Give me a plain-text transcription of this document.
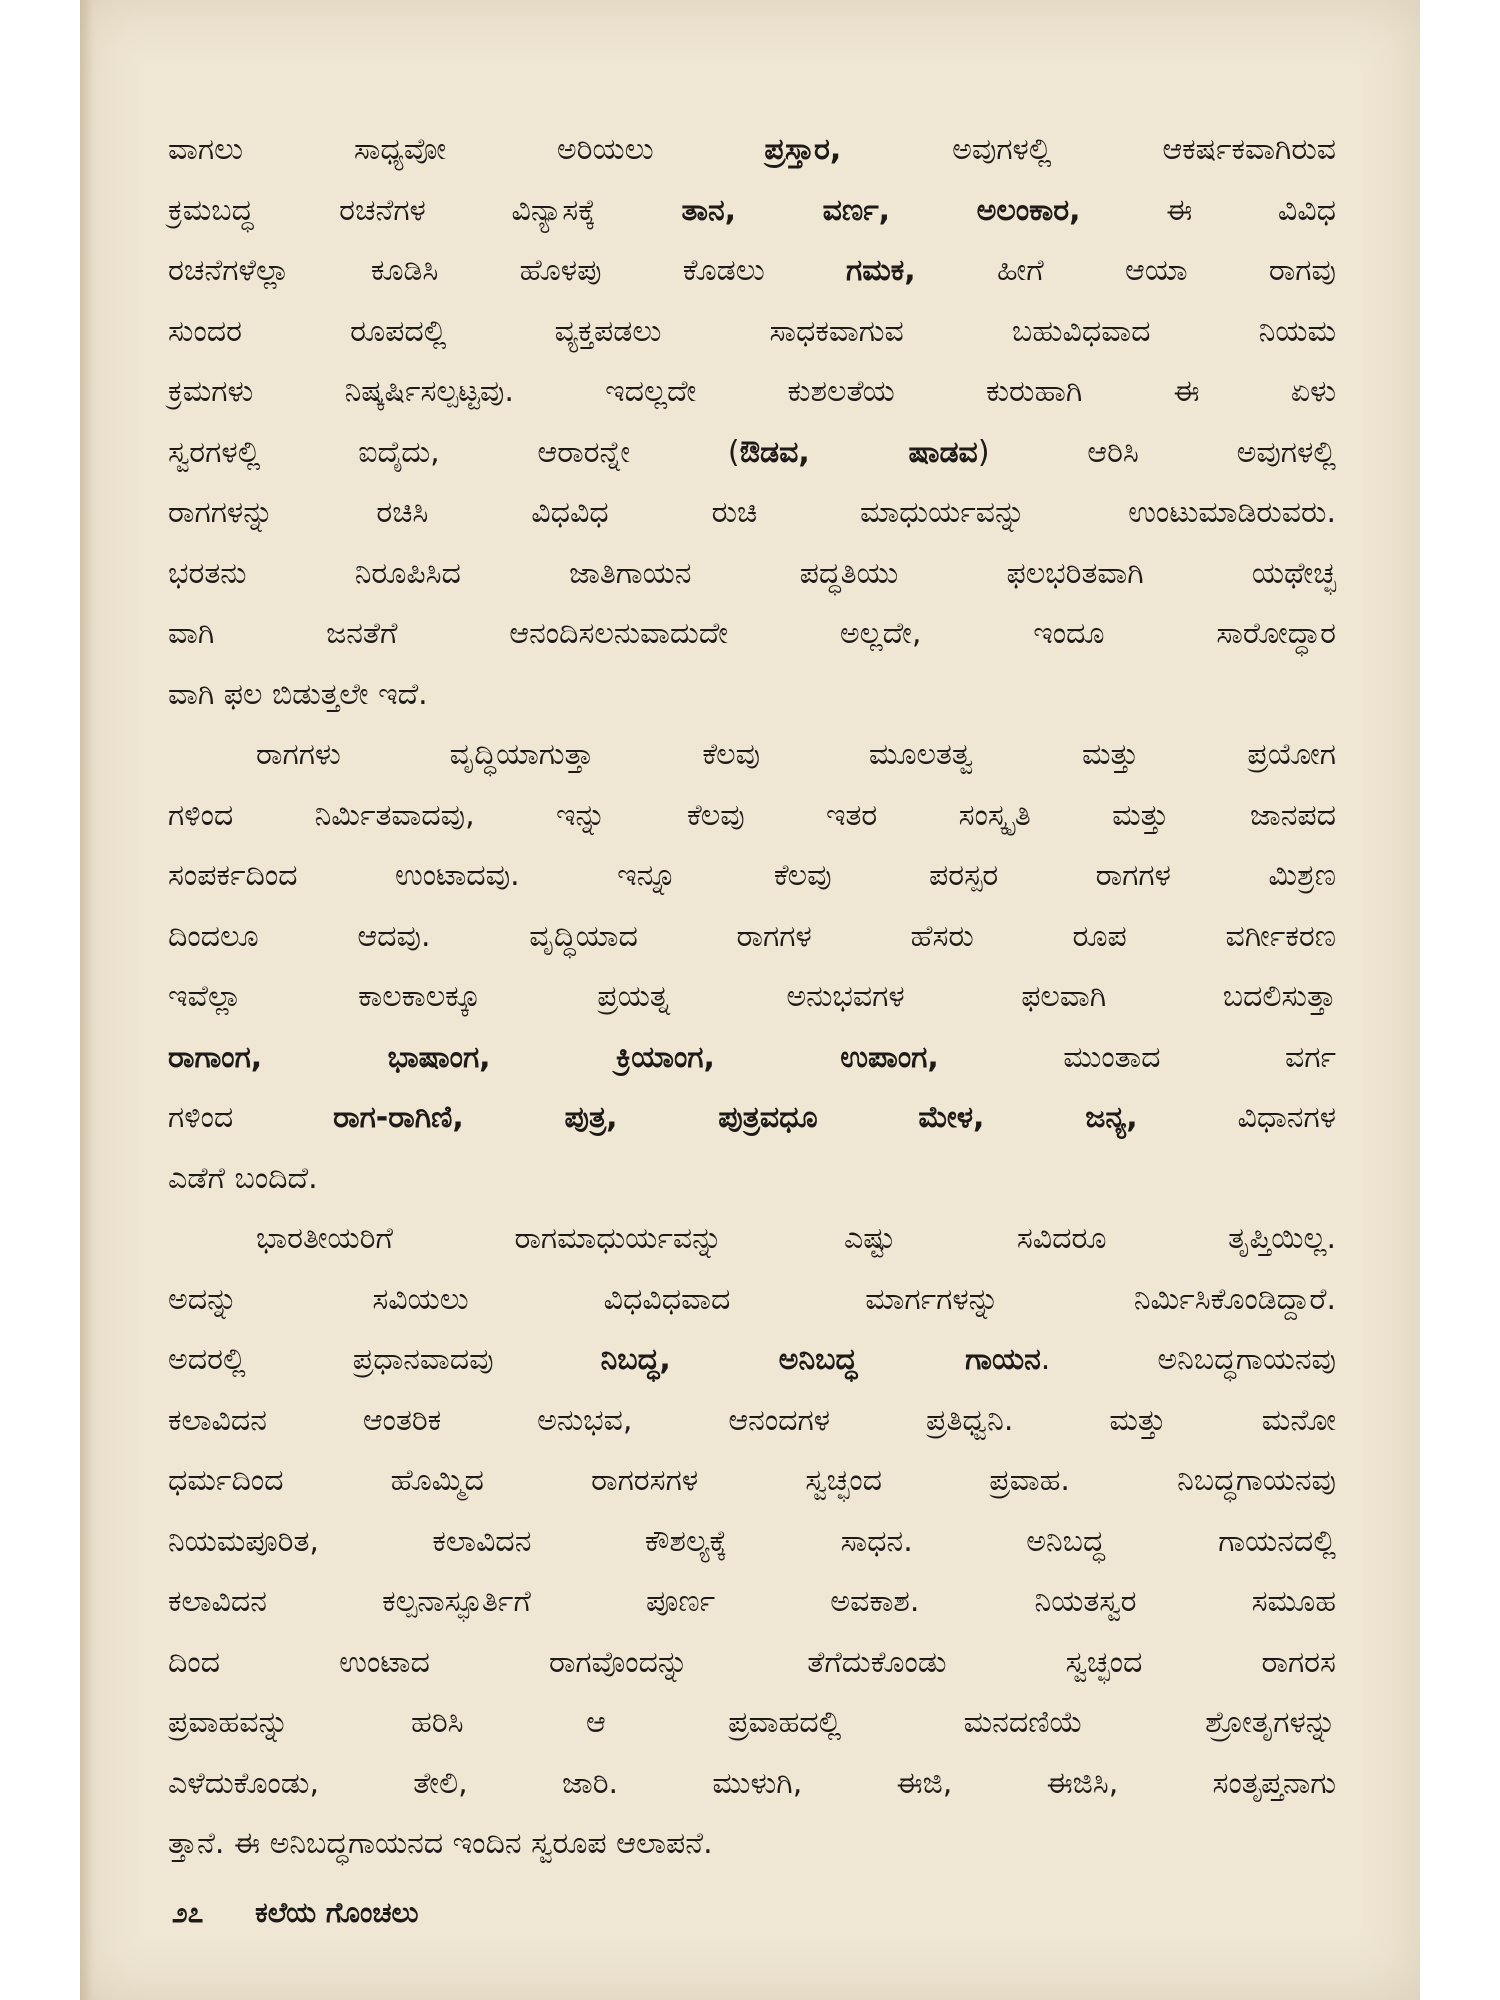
ವಾಗಲು ಸಾಧ್ಯವೋ ಅರಿಯಲು ಪ್ರಸ್ತಾರ, ಅವುಗಳಲ್ಲಿ ಆಕರ್ಷಕವಾಗಿರುವ
ಕ್ರಮಬದ್ಧ ರಚನೆಗಳ ವಿನ್ಯಾಸಕ್ಕೆ ತಾನ, ವರ್ಣ, ಅಲಂಕಾರ, ಈ ವಿವಿಧ
ರಚನೆಗಳೆಲ್ಲಾ ಕೂಡಿಸಿ ಹೊಳಪು ಕೊಡಲು ಗಮಕ, ಹೀಗೆ ಆಯಾ ರಾಗವು
ಸುಂದರ ರೂಪದಲ್ಲಿ ವ್ಯಕ್ತಪಡಲು ಸಾಧಕವಾಗುವ ಬಹುವಿಧವಾದ ನಿಯಮ
ಕ್ರಮಗಳು ನಿಷ್ಕರ್ಷಿಸಲ್ಪಟ್ಟವು. ಇದಲ್ಲದೇ ಕುಶಲತೆಯ ಕುರುಹಾಗಿ ಈ ಏಳು
ಸ್ವರಗಳಲ್ಲಿ ಐದೈದು, ಆರಾರನ್ನೇ (ಔಡವ, ಷಾಡವ) ಆರಿಸಿ ಅವುಗಳಲ್ಲಿ
ರಾಗಗಳನ್ನು ರಚಿಸಿ ವಿಧವಿಧ ರುಚಿ ಮಾಧುರ್ಯವನ್ನು ಉಂಟುಮಾಡಿರುವರು.
ಭರತನು ನಿರೂಪಿಸಿದ ಜಾತಿಗಾಯನ ಪದ್ಧತಿಯು ಫಲಭರಿತವಾಗಿ ಯಥೇಚ್ಛ
ವಾಗಿ ಜನತೆಗೆ ಆನಂದಿಸಲನುವಾದುದೇ ಅಲ್ಲದೇ, ಇಂದೂ ಸಾರೋದ್ಧಾರ
ವಾಗಿ ಫಲ ಬಿಡುತ್ತಲೇ ಇದೆ.

ರಾಗಗಳು ವೃದ್ಧಿಯಾಗುತ್ತಾ ಕೆಲವು ಮೂಲತತ್ವ ಮತ್ತು ಪ್ರಯೋಗ
ಗಳಿಂದ ನಿರ್ಮಿತವಾದವು, ಇನ್ನು ಕೆಲವು ಇತರ ಸಂಸ್ಕೃತಿ ಮತ್ತು ಜಾನಪದ
ಸಂಪರ್ಕದಿಂದ ಉಂಟಾದವು. ಇನ್ನೂ ಕೆಲವು ಪರಸ್ಪರ ರಾಗಗಳ ಮಿಶ್ರಣ
ದಿಂದಲೂ ಆದವು. ವೃದ್ಧಿಯಾದ ರಾಗಗಳ ಹೆಸರು ರೂಪ ವರ್ಗೀಕರಣ
ಇವೆಲ್ಲಾ ಕಾಲಕಾಲಕ್ಕೂ ಪ್ರಯತ್ನ ಅನುಭವಗಳ ಫಲವಾಗಿ ಬದಲಿಸುತ್ತಾ
ರಾಗಾಂಗ, ಭಾಷಾಂಗ, ಕ್ರಿಯಾಂಗ, ಉಪಾಂಗ, ಮುಂತಾದ ವರ್ಗ
ಗಳಿಂದ ರಾಗ-ರಾಗಿಣಿ, ಪುತ್ರ, ಪುತ್ರವಧೂ ಮೇಳ, ಜನ್ಯ, ವಿಧಾನಗಳ
ಎಡೆಗೆ ಬಂದಿದೆ.

ಭಾರತೀಯರಿಗೆ ರಾಗಮಾಧುರ್ಯವನ್ನು ಎಷ್ಟು ಸವಿದರೂ ತೃಪ್ತಿಯಿಲ್ಲ.
ಅದನ್ನು ಸವಿಯಲು ವಿಧವಿಧವಾದ ಮಾರ್ಗಗಳನ್ನು ನಿರ್ಮಿಸಿಕೊಂಡಿದ್ದಾರೆ.
ಅದರಲ್ಲಿ ಪ್ರಧಾನವಾದವು ನಿಬದ್ಧ, ಅನಿಬದ್ಧ ಗಾಯನ. ಅನಿಬದ್ಧಗಾಯನವು
ಕಲಾವಿದನ ಆಂತರಿಕ ಅನುಭವ, ಆನಂದಗಳ ಪ್ರತಿಧ್ವನಿ. ಮತ್ತು ಮನೋ
ಧರ್ಮದಿಂದ ಹೊಮ್ಮಿದ ರಾಗರಸಗಳ ಸ್ವಚ್ಛಂದ ಪ್ರವಾಹ. ನಿಬದ್ಧಗಾಯನವು
ನಿಯಮಪೂರಿತ, ಕಲಾವಿದನ ಕೌಶಲ್ಯಕ್ಕೆ ಸಾಧನ. ಅನಿಬದ್ಧ ಗಾಯನದಲ್ಲಿ
ಕಲಾವಿದನ ಕಲ್ಪನಾಸ್ಫೂರ್ತಿಗೆ ಪೂರ್ಣ ಅವಕಾಶ. ನಿಯತಸ್ವರ ಸಮೂಹ
ದಿಂದ ಉಂಟಾದ ರಾಗವೊಂದನ್ನು ತೆಗೆದುಕೊಂಡು ಸ್ವಚ್ಛಂದ ರಾಗರಸ
ಪ್ರವಾಹವನ್ನು ಹರಿಸಿ ಆ ಪ್ರವಾಹದಲ್ಲಿ ಮನದಣಿಯೆ ಶ್ರೋತೃಗಳನ್ನು
ಎಳೆದುಕೊಂಡು, ತೇಲಿ, ಜಾರಿ. ಮುಳುಗಿ, ಈಜಿ, ಈಜಿಸಿ, ಸಂತೃಪ್ತನಾಗು
ತ್ತಾನೆ. ಈ ಅನಿಬದ್ಧಗಾಯನದ ಇಂದಿನ ಸ್ವರೂಪ ಆಲಾಪನೆ.

೨೭ ಕಲೆಯ ಗೊಂಚಲು
